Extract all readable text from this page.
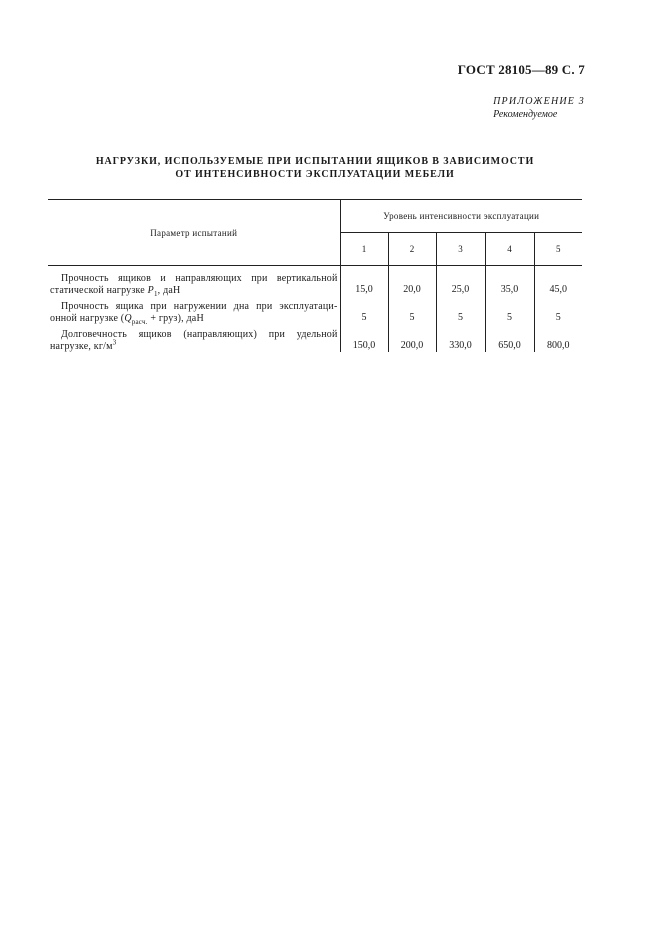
ГОСТ 28105—89 С. 7
ПРИЛОЖЕНИЕ 3
Рекомендуемое
НАГРУЗКИ, ИСПОЛЬЗУЕМЫЕ ПРИ ИСПЫТАНИИ ЯЩИКОВ В ЗАВИСИМОСТИ
ОТ ИНТЕНСИВНОСТИ ЭКСПЛУАТАЦИИ МЕБЕЛИ
Параметр испытаний	Уровень интенсивности эксплуатации				
	1	2	3	4	5
Прочность ящиков и направляющих при вертикальной статической нагрузке $P_1$, даН	15,0	20,0	25,0	35,0	45,0
Прочность ящика при нагружении дна при эксплуатаци-онной нагрузке ($Q_{расч.}$ + груз), даН	5	5	5	5	5
Долговечность ящиков (направляющих) при удельной нагрузке, $кг/м^3$	150,0	200,0	330,0	650,0	800,0
